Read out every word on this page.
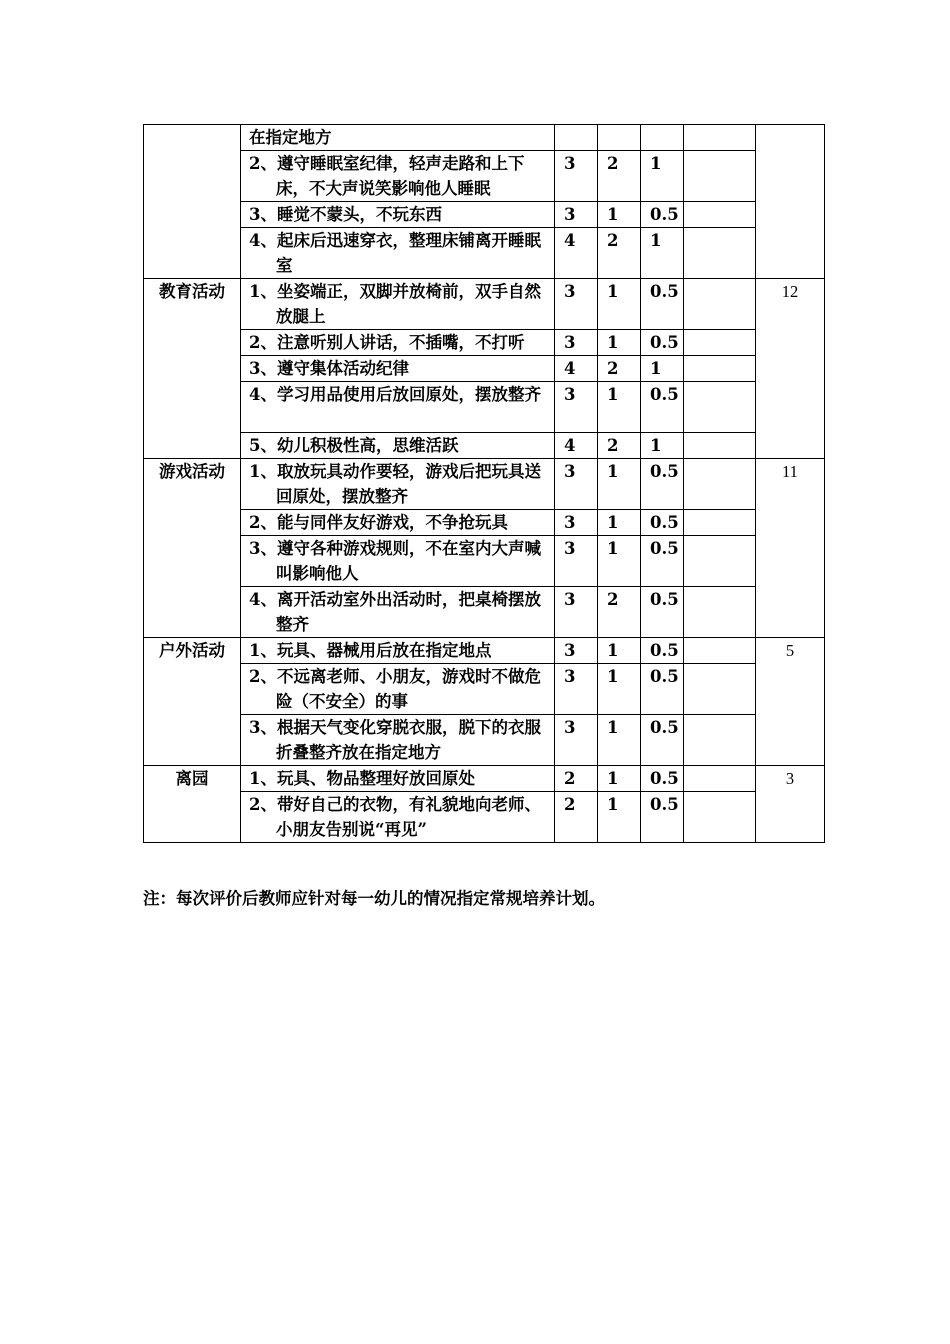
	在指定地方					

	2、遵守睡眠室纪律，轻声走路和上下床，不大声说笑影响他人睡眠	3	2	1		

	3、睡觉不蒙头，不玩东西	3	1	0.5		

	4、起床后迅速穿衣，整理床铺离开睡眠室	4	2	1		
教育活动	1、坐姿端正，双脚并放椅前，双手自然放腿上	3	1	0.5		12

	2、注意听别人讲话，不插嘴，不打听	3	1	0.5		

	3、遵守集体活动纪律	4	2	1		

	4、学习用品使用后放回原处，摆放整齐	3	1	0.5		

	5、幼儿积极性高，思维活跃	4	2	1		
游戏活动	1、取放玩具动作要轻，游戏后把玩具送回原处，摆放整齐	3	1	0.5		11

	2、能与同伴友好游戏，不争抢玩具	3	1	0.5		

	3、遵守各种游戏规则，不在室内大声喊叫影响他人	3	1	0.5		

	4、离开活动室外出活动时，把桌椅摆放整齐	3	2	0.5		
户外活动	1、玩具、器械用后放在指定地点	3	1	0.5		5

	2、不远离老师、小朋友，游戏时不做危险（不安全）的事	3	1	0.5		

	3、根据天气变化穿脱衣服，脱下的衣服折叠整齐放在指定地方	3	1	0.5		
离园	1、玩具、物品整理好放回原处	2	1	0.5		3

	2、带好自己的衣物，有礼貌地向老师、小朋友告别说“再见”	2	1	0.5		
注：每次评价后教师应针对每一幼儿的情况指定常规培养计划。
